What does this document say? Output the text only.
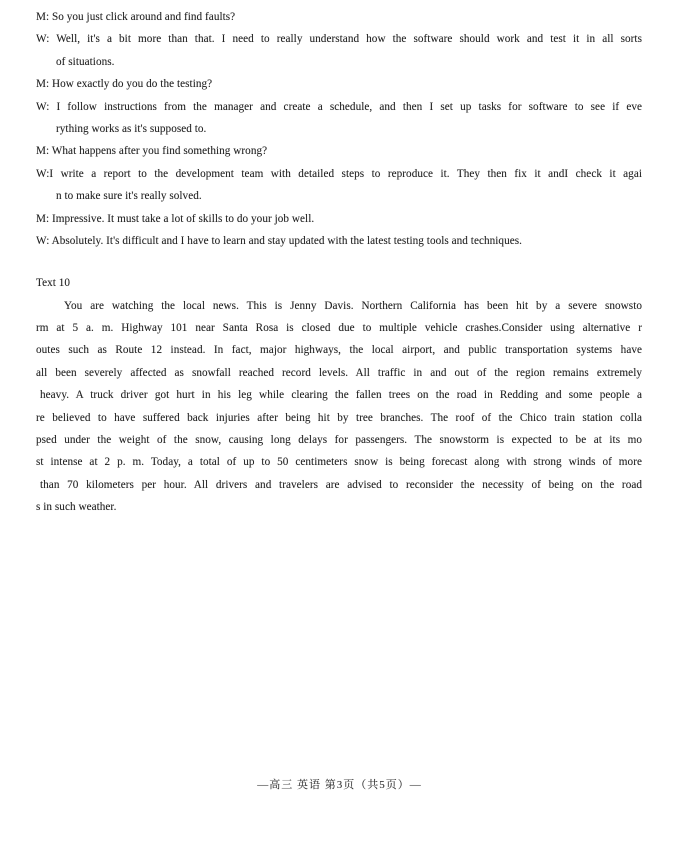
M: So you just click around and find faults?
W: Well, it's a bit more than that. I need to really understand how the software should work and test it in all sorts
of situations.
M: How exactly do you do the testing?
W: I follow instructions from the manager and create a schedule, and then I set up tasks for software to see if eve
rything works as it's supposed to.
M: What happens after you find something wrong?
W:I write a report to the development team with detailed steps to reproduce it. They then fix it andI check it agai
n to make sure it's really solved.
M: Impressive. It must take a lot of skills to do your job well.
W: Absolutely. It's difficult and I have to learn and stay updated with the latest testing tools and techniques.
Text 10
You are watching the local news. This is Jenny Davis. Northern California has been hit by a severe snowsto
rm at 5 a. m. Highway 101 near Santa Rosa is closed due to multiple vehicle crashes.Consider using alternative r
outes such as Route 12 instead. In fact, major highways, the local airport, and public transportation systems have
all been severely affected as snowfall reached record levels. All traffic in and out of the region remains extremely
heavy. A truck driver got hurt in his leg while clearing the fallen trees on the road in Redding and some people a
re believed to have suffered back injuries after being hit by tree branches. The roof of the Chico train station colla
psed under the weight of the snow, causing long delays for passengers. The snowstorm is expected to be at its mo
st intense at 2 p. m. Today, a total of up to 50 centimeters snow is being forecast along with strong winds of more
than 70 kilometers per hour. All drivers and travelers are advised to reconsider the necessity of being on the road
s in such weather.
—高三 英语 第3页（共5页）—
